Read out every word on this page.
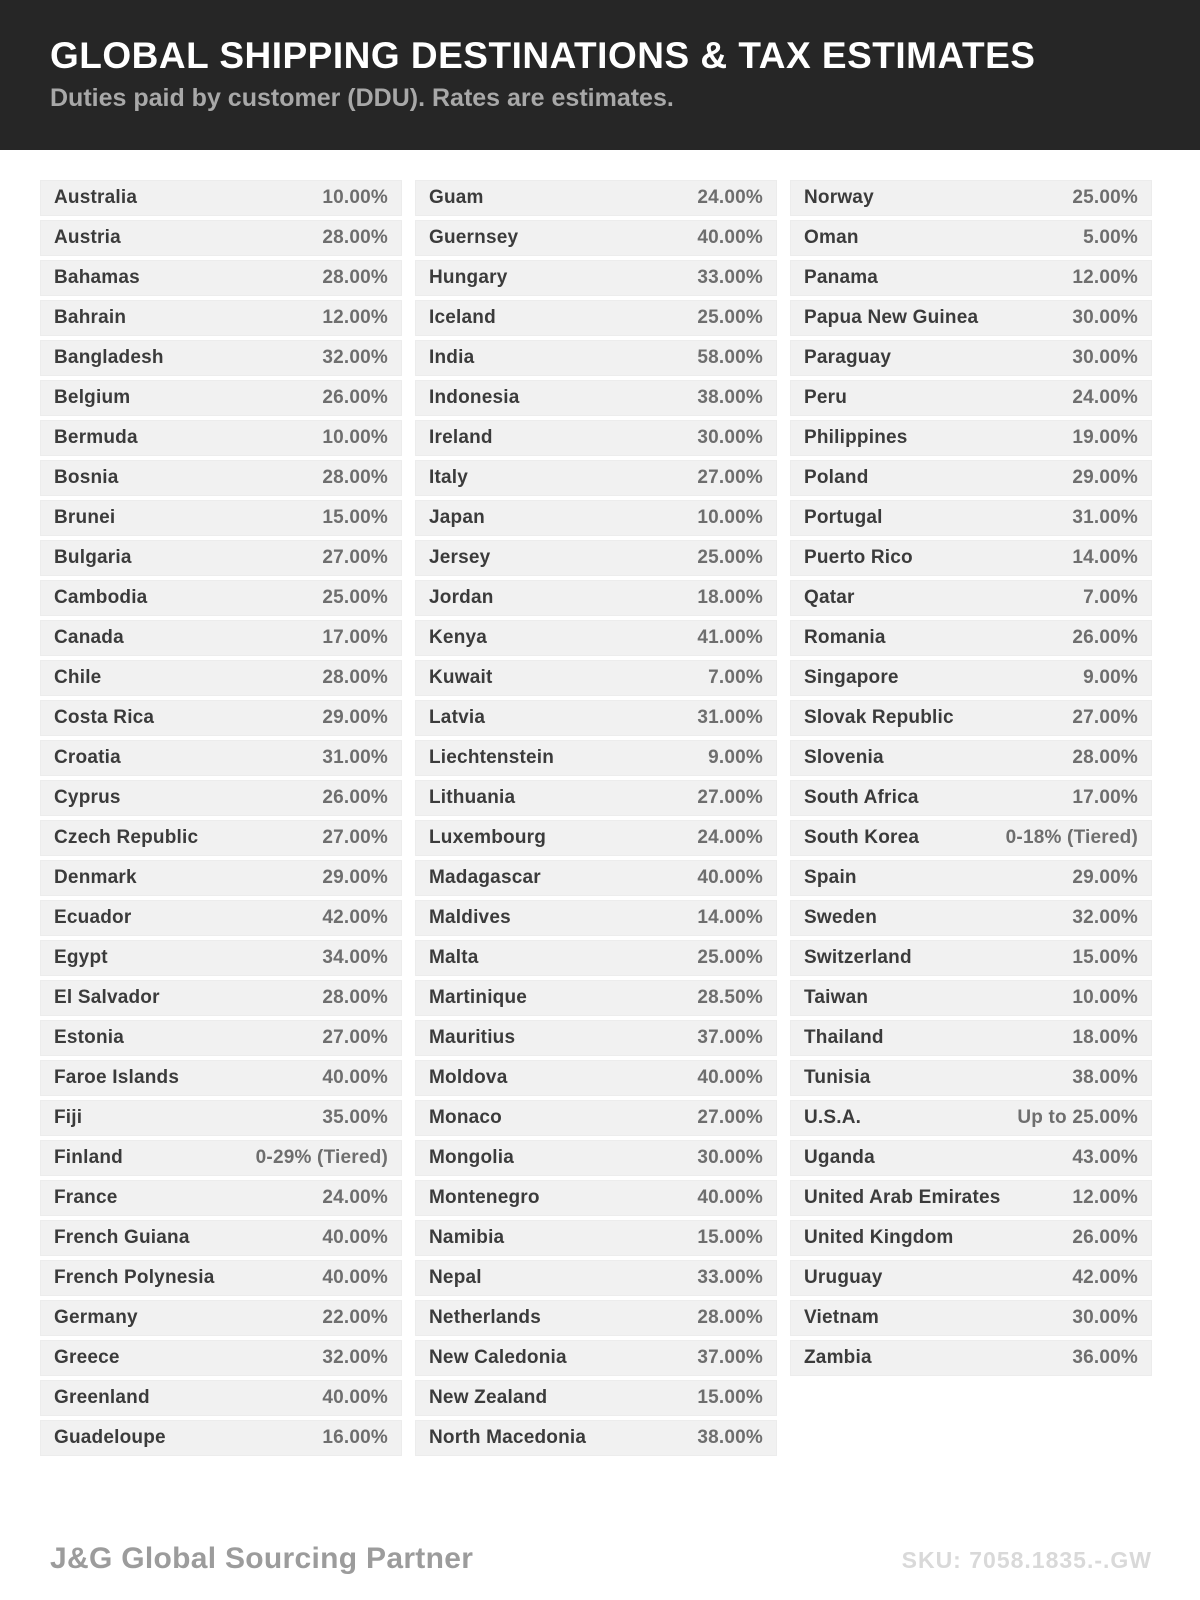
GLOBAL SHIPPING DESTINATIONS & TAX ESTIMATES
Duties paid by customer (DDU). Rates are estimates.
Australia	10.00%
Austria	28.00%
Bahamas	28.00%
Bahrain	12.00%
Bangladesh	32.00%
Belgium	26.00%
Bermuda	10.00%
Bosnia	28.00%
Brunei	15.00%
Bulgaria	27.00%
Cambodia	25.00%
Canada	17.00%
Chile	28.00%
Costa Rica	29.00%
Croatia	31.00%
Cyprus	26.00%
Czech Republic	27.00%
Denmark	29.00%
Ecuador	42.00%
Egypt	34.00%
El Salvador	28.00%
Estonia	27.00%
Faroe Islands	40.00%
Fiji	35.00%
Finland	0-29% (Tiered)
France	24.00%
French Guiana	40.00%
French Polynesia	40.00%
Germany	22.00%
Greece	32.00%
Greenland	40.00%
Guadeloupe	16.00%
Guam	24.00%
Guernsey	40.00%
Hungary	33.00%
Iceland	25.00%
India	58.00%
Indonesia	38.00%
Ireland	30.00%
Italy	27.00%
Japan	10.00%
Jersey	25.00%
Jordan	18.00%
Kenya	41.00%
Kuwait	7.00%
Latvia	31.00%
Liechtenstein	9.00%
Lithuania	27.00%
Luxembourg	24.00%
Madagascar	40.00%
Maldives	14.00%
Malta	25.00%
Martinique	28.50%
Mauritius	37.00%
Moldova	40.00%
Monaco	27.00%
Mongolia	30.00%
Montenegro	40.00%
Namibia	15.00%
Nepal	33.00%
Netherlands	28.00%
New Caledonia	37.00%
New Zealand	15.00%
North Macedonia	38.00%
Norway	25.00%
Oman	5.00%
Panama	12.00%
Papua New Guinea	30.00%
Paraguay	30.00%
Peru	24.00%
Philippines	19.00%
Poland	29.00%
Portugal	31.00%
Puerto Rico	14.00%
Qatar	7.00%
Romania	26.00%
Singapore	9.00%
Slovak Republic	27.00%
Slovenia	28.00%
South Africa	17.00%
South Korea	0-18% (Tiered)
Spain	29.00%
Sweden	32.00%
Switzerland	15.00%
Taiwan	10.00%
Thailand	18.00%
Tunisia	38.00%
U.S.A.	Up to 25.00%
Uganda	43.00%
United Arab Emirates	12.00%
United Kingdom	26.00%
Uruguay	42.00%
Vietnam	30.00%
Zambia	36.00%
J&G Global Sourcing Partner	SKU: 7058.1835.-.GW
